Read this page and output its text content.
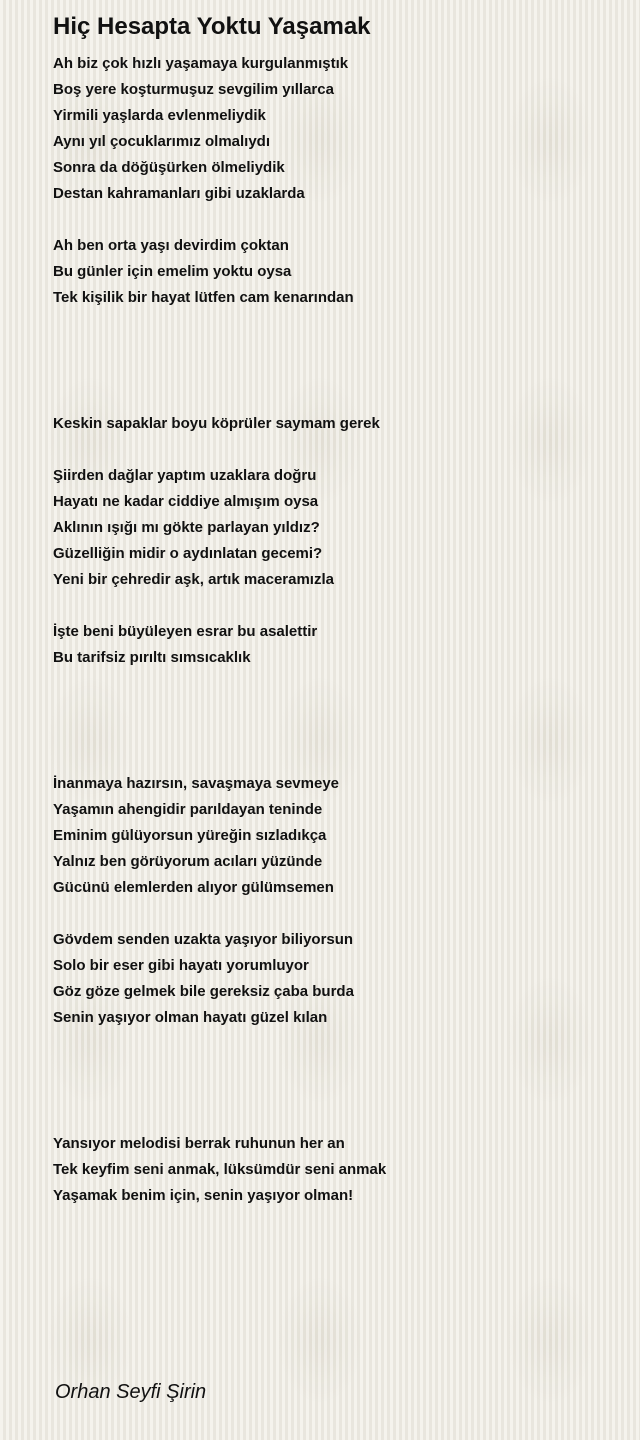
Hiç Hesapta Yoktu Yaşamak
Ah biz çok hızlı yaşamaya kurgulanmıştık
Boş yere koşturmuşuz sevgilim yıllarca
Yirmili yaşlarda evlenmeliydik
Aynı yıl çocuklarımız olmalıydı
Sonra da döğüşürken ölmeliydik
Destan kahramanları gibi uzaklarda
Ah ben orta yaşı devirdim çoktan
Bu günler için emelim yoktu oysa
Tek kişilik bir hayat lütfen cam kenarından
Keskin sapaklar boyu köprüler saymam gerek
Şiirden dağlar yaptım uzaklara doğru
Hayatı ne kadar ciddiye almışım oysa
Aklının ışığı mı gökte parlayan yıldız?
Güzelliğin midir o aydınlatan gecemi?
Yeni bir çehredir aşk, artık maceramızla
İşte beni büyüleyen esrar bu asalettir
Bu tarifsiz pırıltı sımsıcaklık
İnanmaya hazırsın, savaşmaya sevmeye
Yaşamın ahengidir parıldayan teninde
Eminim gülüyorsun yüreğin sızladıkça
Yalnız ben görüyorum acıları yüzünde
Gücünü elemlerden alıyor gülümsemen
Gövdem senden uzakta yaşıyor biliyorsun
Solo bir eser gibi hayatı yorumluyor
Göz göze gelmek bile gereksiz çaba burda
Senin yaşıyor olman hayatı güzel kılan
Yansıyor melodisi berrak ruhunun her an
Tek keyfim seni anmak, lüksümdür seni anmak
Yaşamak benim için, senin yaşıyor olman!
Orhan Seyfi Şirin
